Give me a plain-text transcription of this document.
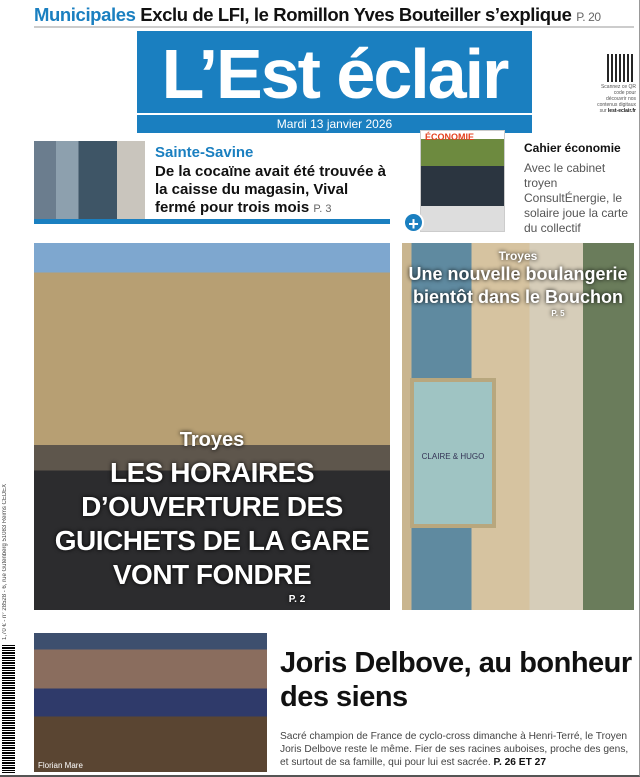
Municipales Exclu de LFI, le Romillon Yves Bouteiller s’explique P. 20
L’Est éclair
Mardi 13 janvier 2026
Scannez ce QR code pour découvrir nos contenus digitaux sur lest-eclair.fr
Sainte-Savine
De la cocaïne avait été trouvée à la caisse du magasin, Vival fermé pour trois mois P. 3
ÉCONOMIE
+
Cahier économie
Avec le cabinet troyen ConsultÉnergie, le solaire joue la carte du collectif
Troyes
LES HORAIRES D’OUVERTURE DES GUICHETS DE LA GARE VONT FONDRE
P. 2
CLAIRE & HUGO
Troyes
Une nouvelle boulangerie bientôt dans le Bouchon
P. 5
1,70 € - n° 28528 - 6, rue Gutenberg 51083 Reims CEDEX
Florian Mare
Joris Delbove, au bonheur des siens
Sacré champion de France de cyclo-cross dimanche à Henri-Terré, le Troyen Joris Delbove reste le même. Fier de ses racines auboises, proche des gens, et surtout de sa famille, qui pour lui est sacrée. P. 26 ET 27
